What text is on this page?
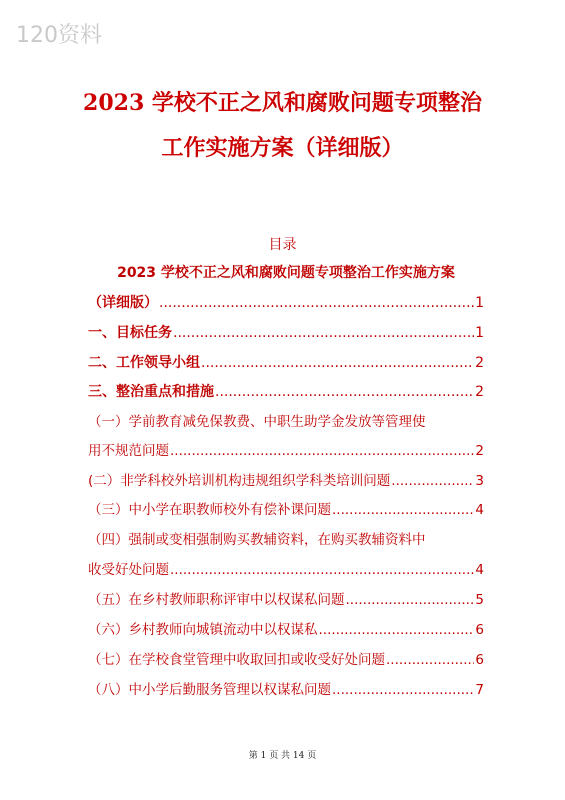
120资料
2023 学校不正之风和腐败问题专项整治
工作实施方案（详细版）
目录
2023 学校不正之风和腐败问题专项整治工作实施方案
（详细版） .....	1
一、目标任务 .....	1
二、工作领导小组 .....	2
三、整治重点和措施 .....	2
（一）学前教育减免保教费、中职生助学金发放等管理使
用不规范问题 .....	2
(二）非学科校外培训机构违规组织学科类培训问题 .....	3
（三）中小学在职教师校外有偿补课问题 .....	4
（四）强制或变相强制购买教辅资料，在购买教辅资料中
收受好处问题 .....	4
（五）在乡村教师职称评审中以权谋私问题 .....	5
（六）乡村教师向城镇流动中以权谋私 .....	6
（七）在学校食堂管理中收取回扣或收受好处问题 .....	6
（八）中小学后勤服务管理以权谋私问题 .....	7
第 1 页 共 14 页
